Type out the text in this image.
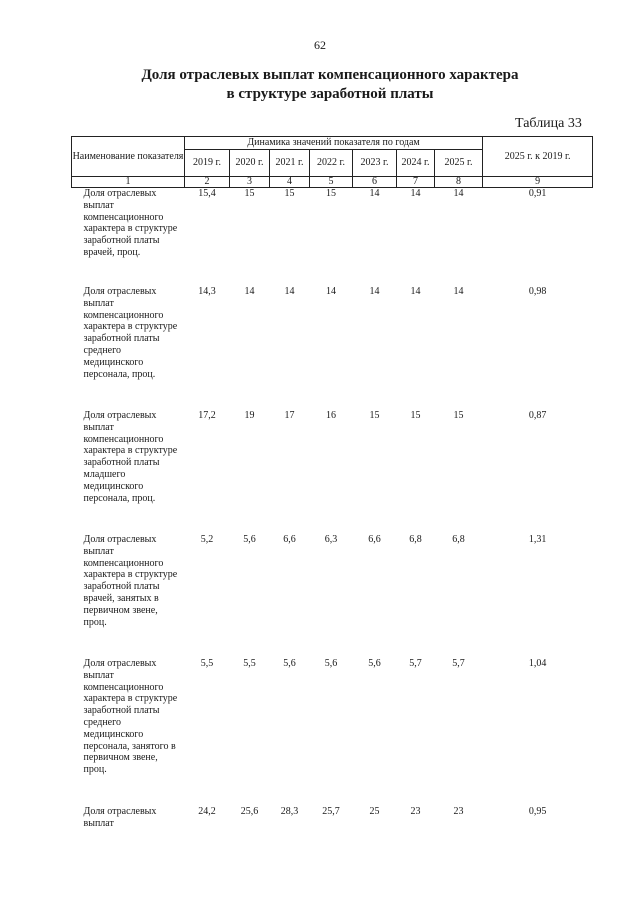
62
Доля отраслевых выплат компенсационного характера
в структуре заработной платы
Таблица 33
Наименование показателя	Динамика значений показателя по годам							2025 г. к 2019 г.
	2019 г.	2020 г.	2021 г.	2022 г.	2023 г.	2024 г.	2025 г.	
1	2	3	4	5	6	7	8	9
Доля отраслевых выплат компенсационного характера в структуре заработной платы врачей, проц.	15,4	15	15	15	14	14	14	0,91
Доля отраслевых выплат компенсационного характера в структуре заработной платы среднего медицинского персонала, проц.	14,3	14	14	14	14	14	14	0,98
Доля отраслевых выплат компенсационного характера в структуре заработной платы младшего медицинского персонала, проц.	17,2	19	17	16	15	15	15	0,87
Доля отраслевых выплат компенсационного характера в структуре заработной платы врачей, занятых в первичном звене, проц.	5,2	5,6	6,6	6,3	6,6	6,8	6,8	1,31
Доля отраслевых выплат компенсационного характера в структуре заработной платы среднего медицинского персонала, занятого в первичном звене, проц.	5,5	5,5	5,6	5,6	5,6	5,7	5,7	1,04
Доля отраслевых выплат	24,2	25,6	28,3	25,7	25	23	23	0,95
